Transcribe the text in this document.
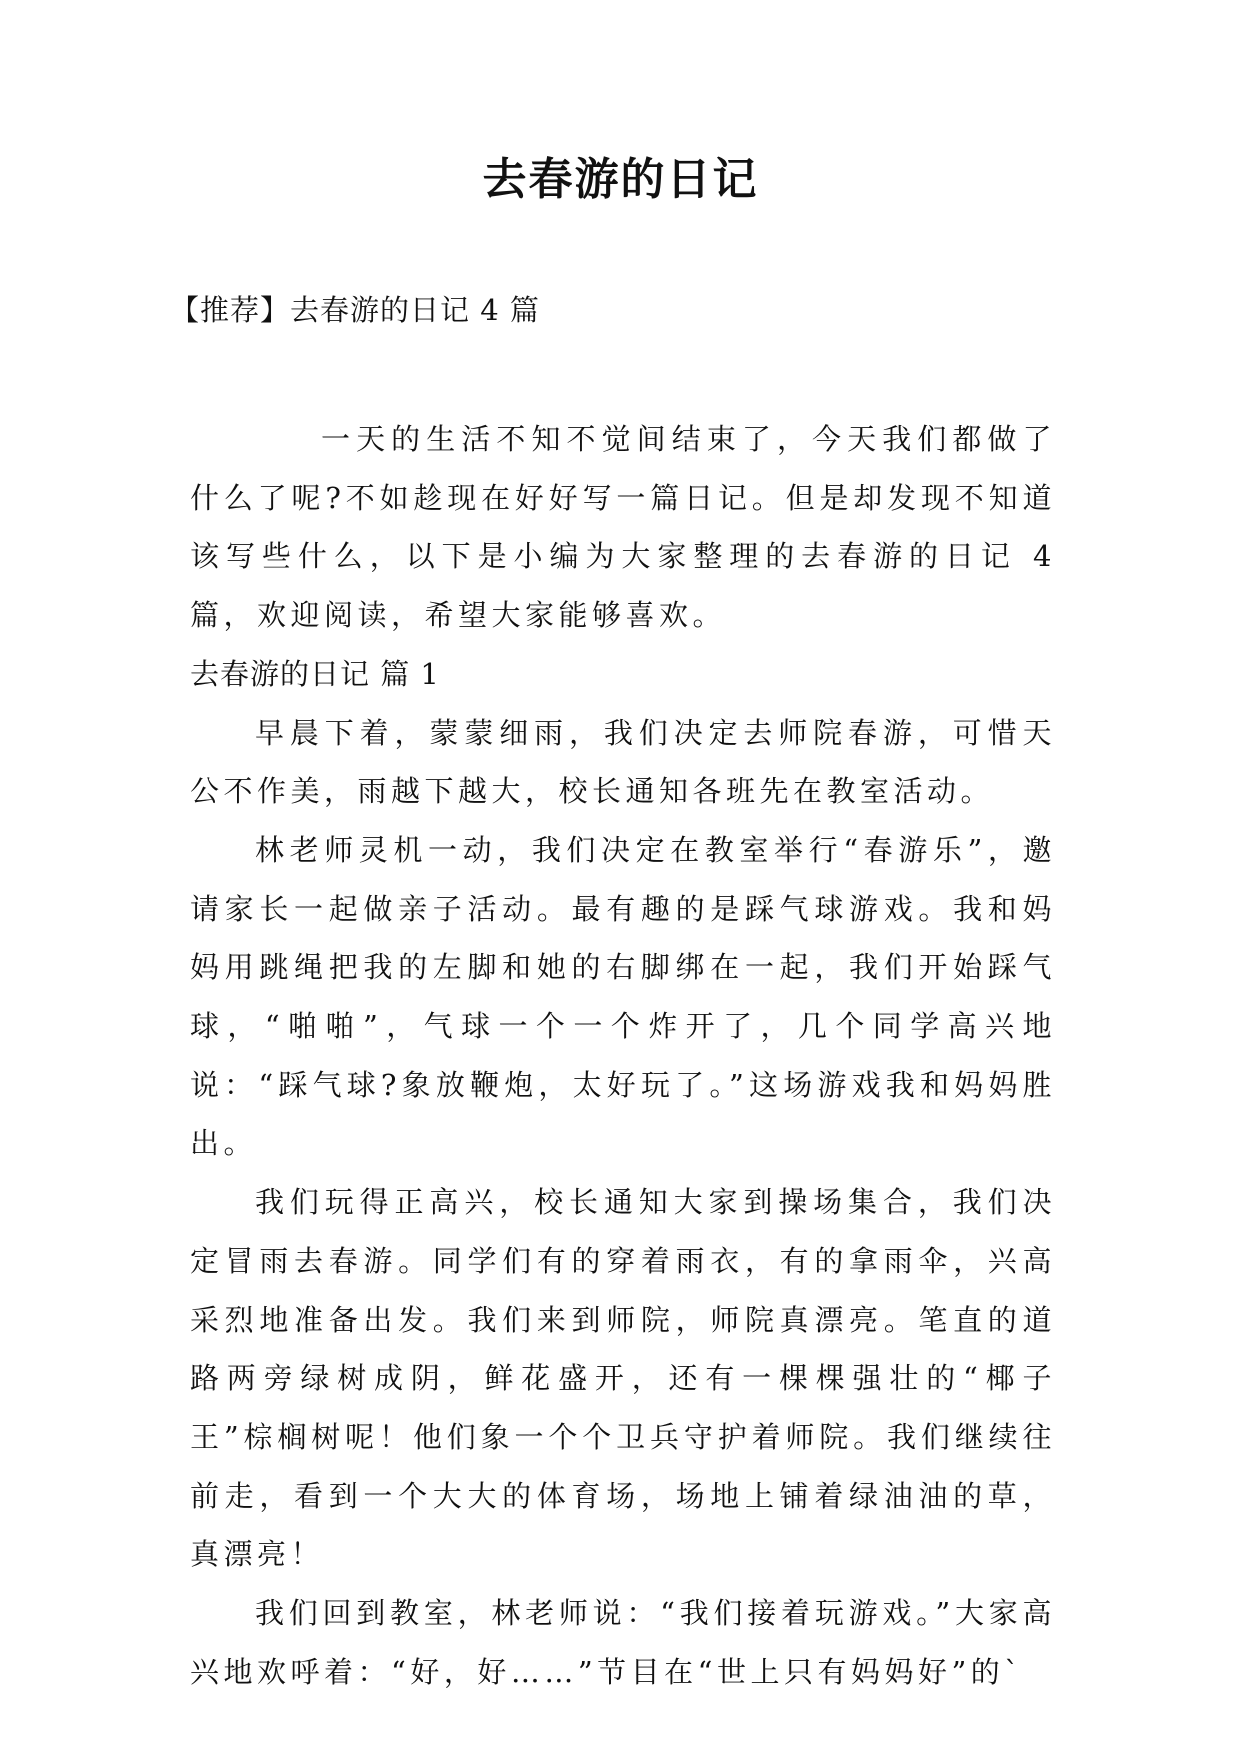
去春游的日记
【推荐】去春游的日记 4 篇

一天的生活不知不觉间结束了，今天我们都做了什么了呢?不如趁现在好好写一篇日记。但是却发现不知道该写些什么，以下是小编为大家整理的去春游的日记 4 篇，欢迎阅读，希望大家能够喜欢。

去春游的日记 篇 1

早晨下着，蒙蒙细雨，我们决定去师院春游，可惜天公不作美，雨越下越大，校长通知各班先在教室活动。

林老师灵机一动，我们决定在教室举行“春游乐”，邀请家长一起做亲子活动。最有趣的是踩气球游戏。我和妈妈用跳绳把我的左脚和她的右脚绑在一起，我们开始踩气球，“啪啪”，气球一个一个炸开了，几个同学高兴地说：“踩气球?象放鞭炮，太好玩了。”这场游戏我和妈妈胜出。

我们玩得正高兴，校长通知大家到操场集合，我们决定冒雨去春游。同学们有的穿着雨衣，有的拿雨伞，兴高采烈地准备出发。我们来到师院，师院真漂亮。笔直的道路两旁绿树成阴，鲜花盛开，还有一棵棵强壮的“椰子王”棕榈树呢！他们象一个个卫兵守护着师院。我们继续往前走，看到一个大大的体育场，场地上铺着绿油油的草，真漂亮！

我们回到教室，林老师说：“我们接着玩游戏。”大家高兴地欢呼着：“好，好……”节目在“世上只有妈妈好”的`
